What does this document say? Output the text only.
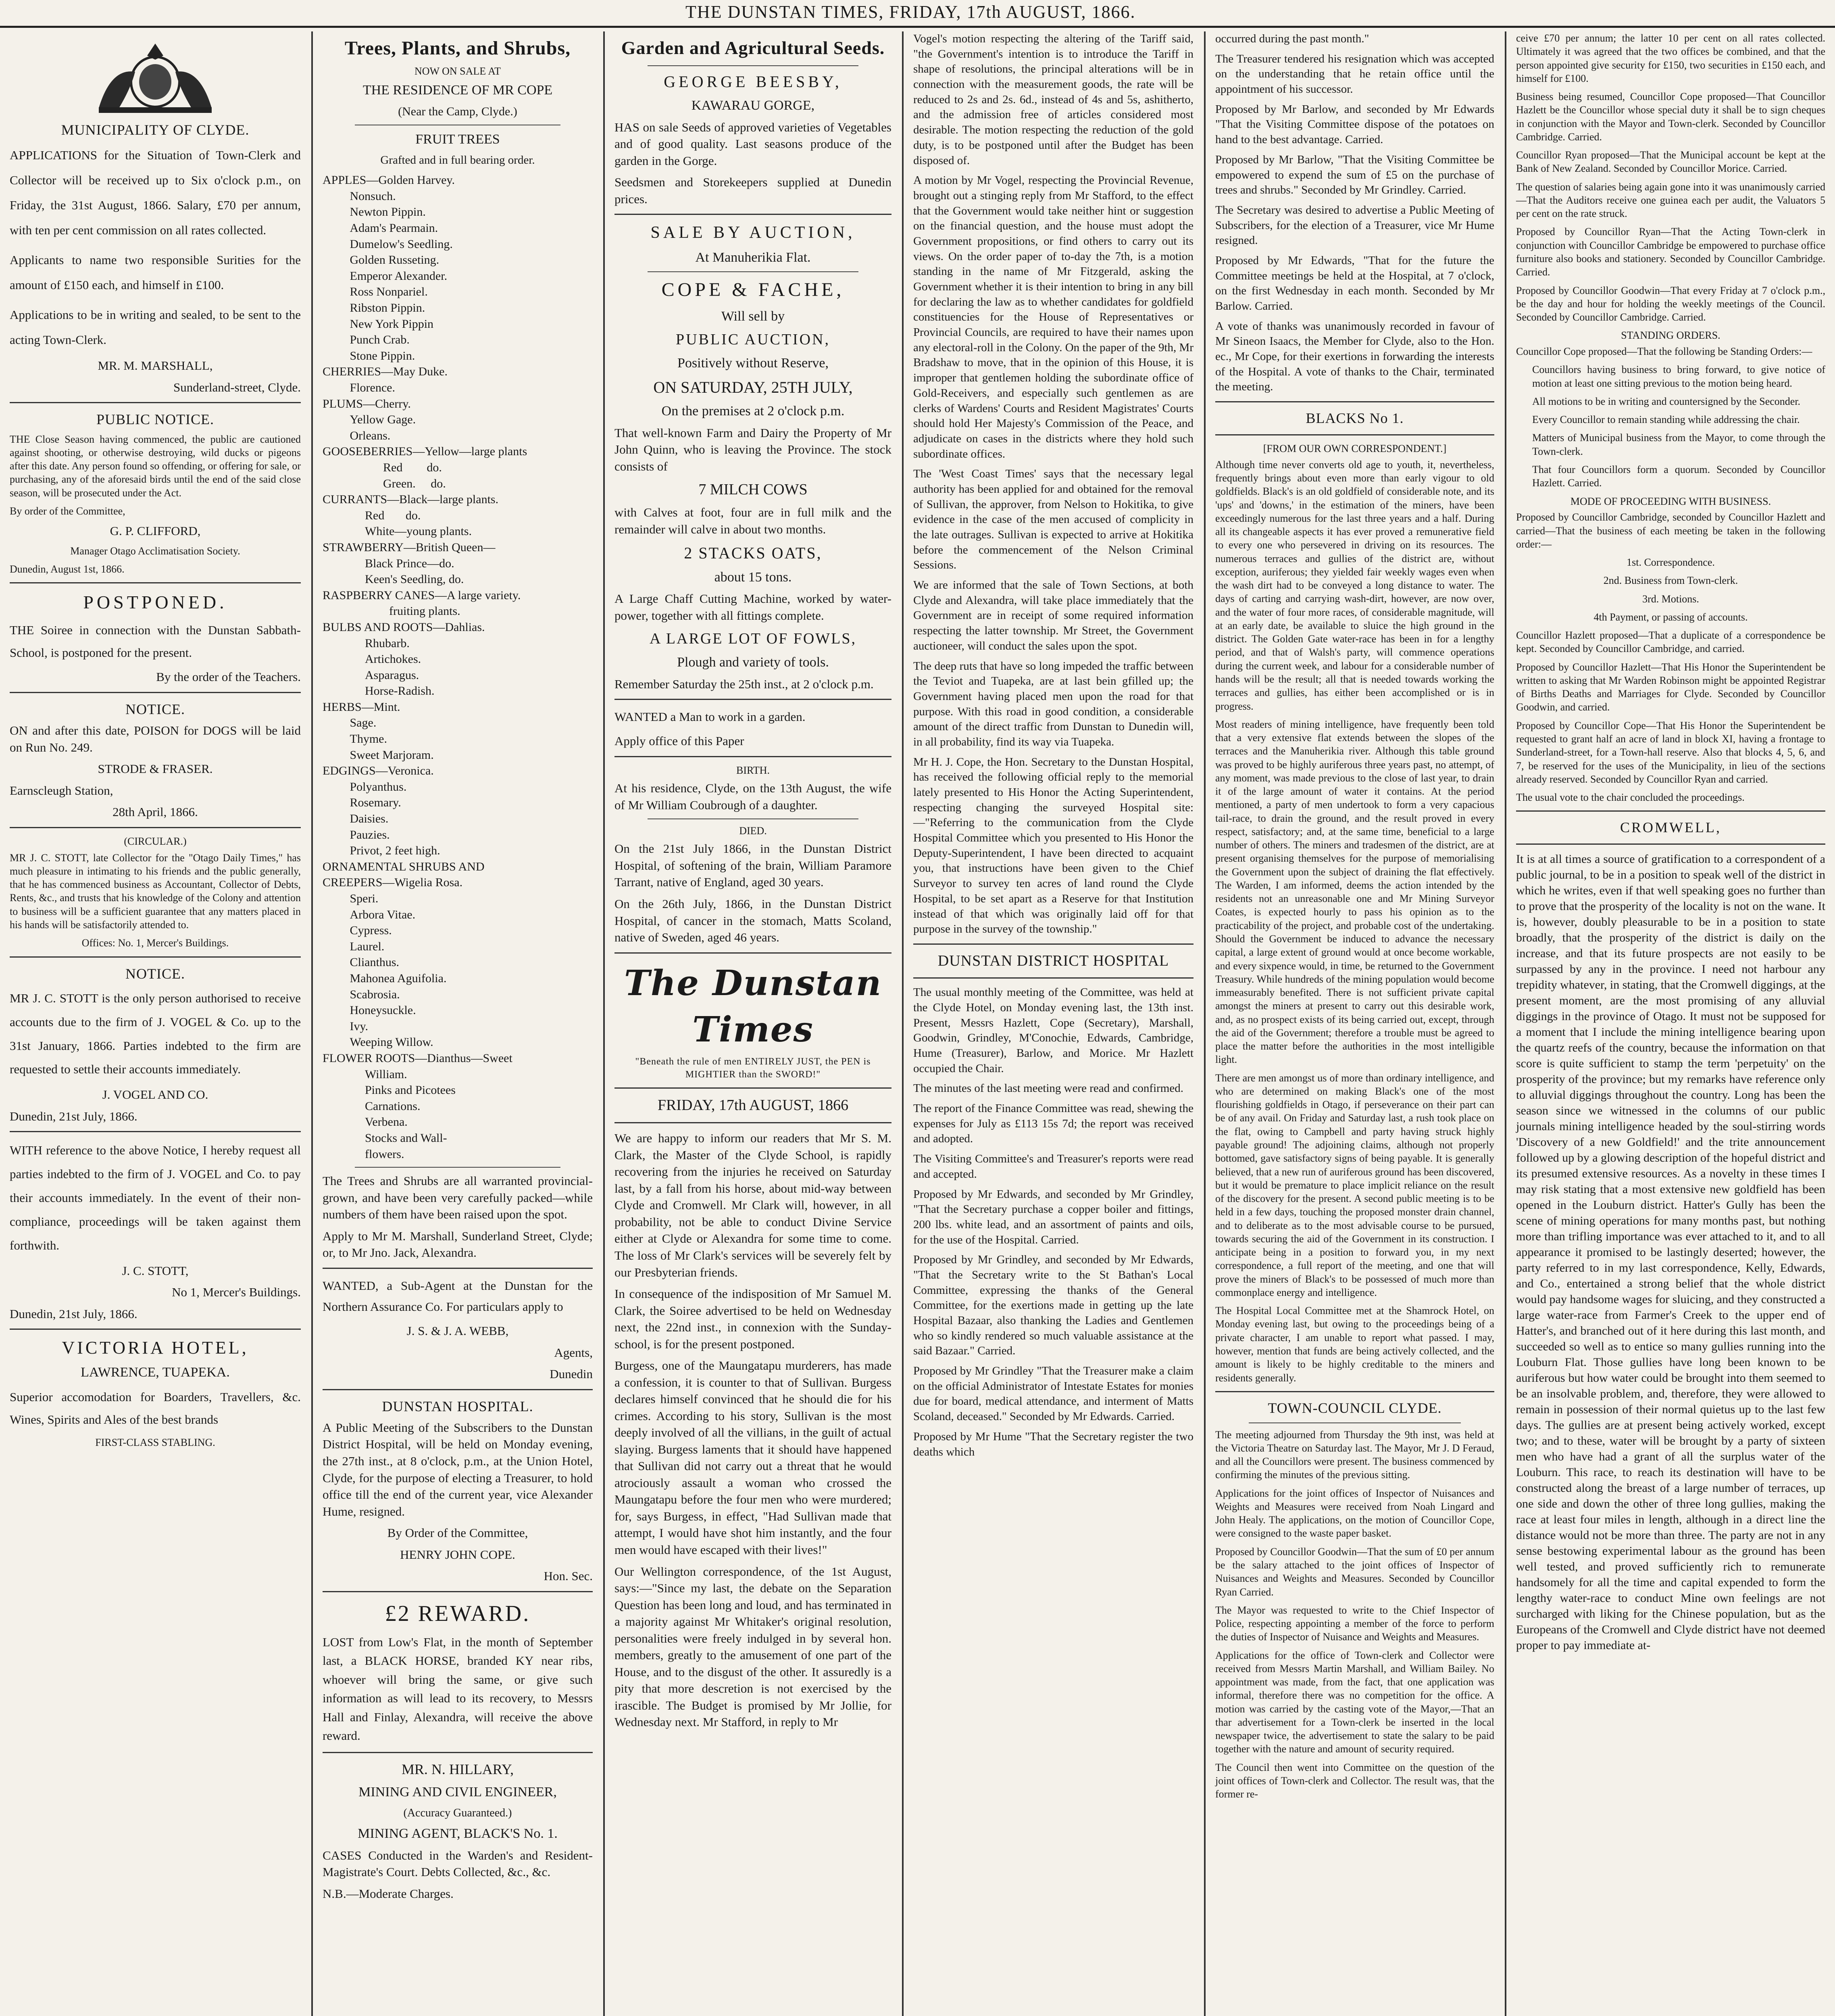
THE DUNSTAN TIMES, FRIDAY, 17th AUGUST, 1866.
MUNICIPALITY OF CLYDE.

APPLICATIONS for the Situation of Town-Clerk and Collector will be received up to Six o'clock p.m., on Friday, the 31st August, 1866. Salary, £70 per annum, with ten per cent commission on all rates collected.

Applicants to name two responsible Surities for the amount of £150 each, and himself in £100.

Applications to be in writing and sealed, to be sent to the acting Town-Clerk.

MR. M. MARSHALL,

Sunderland-street, Clyde.

PUBLIC NOTICE.

THE Close Season having commenced, the public are cautioned against shooting, or otherwise destroying, wild ducks or pigeons after this date. Any person found so offending, or offering for sale, or purchasing, any of the aforesaid birds until the end of the said close season, will be prosecuted under the Act.

By order of the Committee,

G. P. CLIFFORD,

Manager Otago Acclimatisation Society.

Dunedin, August 1st, 1866.

POSTPONED.

THE Soiree in connection with the Dunstan Sabbath-School, is postponed for the present.

By the order of the Teachers.

NOTICE.

ON and after this date, POISON for DOGS will be laid on Run No. 249.

STRODE & FRASER.

Earnscleugh Station,

28th April, 1866.

(CIRCULAR.)

MR J. C. STOTT, late Collector for the "Otago Daily Times," has much pleasure in intimating to his friends and the public generally, that he has commenced business as Accountant, Collector of Debts, Rents, &c., and trusts that his knowledge of the Colony and attention to business will be a sufficient guarantee that any matters placed in his hands will be satisfactorily attended to.

Offices: No. 1, Mercer's Buildings.

NOTICE.

MR J. C. STOTT is the only person authorised to receive accounts due to the firm of J. VOGEL & Co. up to the 31st January, 1866. Parties indebted to the firm are requested to settle their accounts immediately.

J. VOGEL AND CO.

Dunedin, 21st July, 1866.

WITH reference to the above Notice, I hereby request all parties indebted to the firm of J. VOGEL and Co. to pay their accounts immediately. In the event of their non-compliance, proceedings will be taken against them forthwith.

J. C. STOTT,

No 1, Mercer's Buildings.

Dunedin, 21st July, 1866.

VICTORIA HOTEL,
LAWRENCE, TUAPEKA.

Superior accomodation for Boarders, Travellers, &c. Wines, Spirits and Ales of the best brands

FIRST-CLASS STABLING.

Trees, Plants, and Shrubs,
NOW ON SALE AT
THE RESIDENCE OF MR COPE
(Near the Camp, Clyde.)
FRUIT TREES
Grafted and in full bearing order.
APPLES—Golden Harvey.
Nonsuch.
Newton Pippin.
Adam's Pearmain.
Dumelow's Seedling.
Golden Russeting.
Emperor Alexander.
Ross Nonpariel.
Ribston Pippin.
New York Pippin
Punch Crab.
Stone Pippin.
CHERRIES—May Duke.
Florence.
PLUMS—Cherry.
Yellow Gage.
Orleans.
GOOSEBERRIES—Yellow—large plants
Red        do.
Green.     do.
CURRANTS—Black—large plants.
Red       do.
White—young plants.
STRAWBERRY—British Queen—
Black Prince—do.
Keen's Seedling, do.
RASPBERRY CANES—A large variety.
fruiting plants.
BULBS AND ROOTS—Dahlias.
Rhubarb.
Artichokes.
Asparagus.
Horse-Radish.
HERBS—Mint.
Sage.
Thyme.
Sweet Marjoram.
EDGINGS—Veronica.
Polyanthus.
Rosemary.
Daisies.
Pauzies.
Privot, 2 feet high.
ORNAMENTAL SHRUBS AND
CREEPERS—Wigelia Rosa.
Speri.
Arbora Vitae.
Cypress.
Laurel.
Clianthus.
Mahonea Aguifolia.
Scabrosia.
Honeysuckle.
Ivy.
Weeping Willow.
FLOWER ROOTS—Dianthus—Sweet
William.
Pinks and Picotees
Carnations.
Verbena.
Stocks and Wall-
flowers.

The Trees and Shrubs are all warranted provincial-grown, and have been very carefully packed—while numbers of them have been raised upon the spot.

Apply to Mr M. Marshall, Sunderland Street, Clyde; or, to Mr Jno. Jack, Alexandra.

WANTED, a Sub-Agent at the Dunstan for the Northern Assurance Co. For particulars apply to

J. S. & J. A. WEBB,

Agents,

Dunedin

DUNSTAN HOSPITAL.

A Public Meeting of the Subscribers to the Dunstan District Hospital, will be held on Monday evening, the 27th inst., at 8 o'clock, p.m., at the Union Hotel, Clyde, for the purpose of electing a Treasurer, to hold office till the end of the current year, vice Alexander Hume, resigned.

By Order of the Committee,

HENRY JOHN COPE.

Hon. Sec.

£2 REWARD.

LOST from Low's Flat, in the month of September last, a BLACK HORSE, branded KY near ribs, whoever will bring the same, or give such information as will lead to its recovery, to Messrs Hall and Finlay, Alexandra, will receive the above reward.

MR. N. HILLARY,
MINING AND CIVIL ENGINEER,
(Accuracy Guaranteed.)
MINING AGENT, BLACK'S No. 1.

CASES Conducted in the Warden's and Resident-Magistrate's Court. Debts Collected, &c., &c.

N.B.—Moderate Charges.

Garden and Agricultural Seeds.
GEORGE BEESBY,
KAWARAU GORGE,

HAS on sale Seeds of approved varieties of Vegetables and of good quality. Last seasons produce of the garden in the Gorge.

Seedsmen and Storekeepers supplied at Dunedin prices.

SALE BY AUCTION,
At Manuherikia Flat.
COPE & FACHE,
Will sell by
PUBLIC AUCTION,
Positively without Reserve,
ON SATURDAY, 25TH JULY,
On the premises at 2 o'clock p.m.

That well-known Farm and Dairy the Property of Mr John Quinn, who is leaving the Province. The stock consists of

7 MILCH COWS

with Calves at foot, four are in full milk and the remainder will calve in about two months.

2 STACKS OATS,
about 15 tons.

A Large Chaff Cutting Machine, worked by water-power, together with all fittings complete.

A LARGE LOT OF FOWLS,
Plough and variety of tools.

Remember Saturday the 25th inst., at 2 o'clock p.m.

WANTED a Man to work in a garden.

Apply office of this Paper

BIRTH.

At his residence, Clyde, on the 13th August, the wife of Mr William Coubrough of a daughter.

DIED.

On the 21st July 1866, in the Dunstan District Hospital, of softening of the brain, William Paramore Tarrant, native of England, aged 30 years.

On the 26th July, 1866, in the Dunstan District Hospital, of cancer in the stomach, Matts Scoland, native of Sweden, aged 46 years.

The Dunstan Times
"Beneath the rule of men ENTIRELY JUST, the PEN is MIGHTIER than the SWORD!"
FRIDAY, 17th AUGUST, 1866

We are happy to inform our readers that Mr S. M. Clark, the Master of the Clyde School, is rapidly recovering from the injuries he received on Saturday last, by a fall from his horse, about mid-way between Clyde and Cromwell. Mr Clark will, however, in all probability, not be able to conduct Divine Service either at Clyde or Alexandra for some time to come. The loss of Mr Clark's services will be severely felt by our Presbyterian friends.

In consequence of the indisposition of Mr Samuel M. Clark, the Soiree advertised to be held on Wednesday next, the 22nd inst., in connexion with the Sunday-school, is for the present postponed.

Burgess, one of the Maungatapu murderers, has made a confession, it is counter to that of Sullivan. Burgess declares himself convinced that he should die for his crimes. According to his story, Sullivan is the most deeply involved of all the villians, in the guilt of actual slaying. Burgess laments that it should have happened that Sullivan did not carry out a threat that he would atrociously assault a woman who crossed the Maungatapu before the four men who were murdered; for, says Burgess, in effect, "Had Sullivan made that attempt, I would have shot him instantly, and the four men would have escaped with their lives!"

Our Wellington correspondence, of the 1st August, says:—"Since my last, the debate on the Separation Question has been long and loud, and has terminated in a majority against Mr Whitaker's original resolution, personalities were freely indulged in by several hon. members, greatly to the amusement of one part of the House, and to the disgust of the other. It assuredly is a pity that more descretion is not exercised by the irascible. The Budget is promised by Mr Jollie, for Wednesday next. Mr Stafford, in reply to Mr

Vogel's motion respecting the altering of the Tariff said, "the Government's intention is to introduce the Tariff in shape of resolutions, the principal alterations will be in connection with the measurement goods, the rate will be reduced to 2s and 2s. 6d., instead of 4s and 5s, ashitherto, and the admission free of articles considered most desirable. The motion respecting the reduction of the gold duty, is to be postponed until after the Budget has been disposed of.

A motion by Mr Vogel, respecting the Provincial Revenue, brought out a stinging reply from Mr Stafford, to the effect that the Government would take neither hint or suggestion on the financial question, and the house must adopt the Government propositions, or find others to carry out its views. On the order paper of to-day the 7th, is a motion standing in the name of Mr Fitzgerald, asking the Government whether it is their intention to bring in any bill for declaring the law as to whether candidates for goldfield constituencies for the House of Representatives or Provincial Councils, are required to have their names upon any electoral-roll in the Colony. On the paper of the 9th, Mr Bradshaw to move, that in the opinion of this House, it is improper that gentlemen holding the subordinate office of Gold-Receivers, and especially such gentlemen as are clerks of Wardens' Courts and Resident Magistrates' Courts should hold Her Majesty's Commission of the Peace, and adjudicate on cases in the districts where they hold such subordinate offices.

The 'West Coast Times' says that the necessary legal authority has been applied for and obtained for the removal of Sullivan, the approver, from Nelson to Hokitika, to give evidence in the case of the men accused of complicity in the late outrages. Sullivan is expected to arrive at Hokitika before the commencement of the Nelson Criminal Sessions.

We are informed that the sale of Town Sections, at both Clyde and Alexandra, will take place immediately that the Government are in receipt of some required information respecting the latter township. Mr Street, the Government auctioneer, will conduct the sales upon the spot.

The deep ruts that have so long impeded the traffic between the Teviot and Tuapeka, are at last bein gfilled up; the Government having placed men upon the road for that purpose. With this road in good condition, a considerable amount of the direct traffic from Dunstan to Dunedin will, in all probability, find its way via Tuapeka.

Mr H. J. Cope, the Hon. Secretary to the Dunstan Hospital, has received the following official reply to the memorial lately presented to His Honor the Acting Superintendent, respecting changing the surveyed Hospital site:—"Referring to the communication from the Clyde Hospital Committee which you presented to His Honor the Deputy-Superintendent, I have been directed to acquaint you, that instructions have been given to the Chief Surveyor to survey ten acres of land round the Clyde Hospital, to be set apart as a Reserve for that Institution instead of that which was originally laid off for that purpose in the survey of the township."

DUNSTAN DISTRICT HOSPITAL

The usual monthly meeting of the Committee, was held at the Clyde Hotel, on Monday evening last, the 13th inst. Present, Messrs Hazlett, Cope (Secretary), Marshall, Goodwin, Grindley, M'Conochie, Edwards, Cambridge, Hume (Treasurer), Barlow, and Morice. Mr Hazlett occupied the Chair.

The minutes of the last meeting were read and confirmed.

The report of the Finance Committee was read, shewing the expenses for July as £113 15s 7d; the report was received and adopted.

The Visiting Committee's and Treasurer's reports were read and accepted.

Proposed by Mr Edwards, and seconded by Mr Grindley, "That the Secretary purchase a copper boiler and fittings, 200 lbs. white lead, and an assortment of paints and oils, for the use of the Hospital. Carried.

Proposed by Mr Grindley, and seconded by Mr Edwards, "That the Secretary write to the St Bathan's Local Committee, expressing the thanks of the General Committee, for the exertions made in getting up the late Hospital Bazaar, also thanking the Ladies and Gentlemen who so kindly rendered so much valuable assistance at the said Bazaar." Carried.

Proposed by Mr Grindley "That the Treasurer make a claim on the official Administrator of Intestate Estates for monies due for board, medical attendance, and interment of Matts Scoland, deceased." Seconded by Mr Edwards. Carried.

Proposed by Mr Hume "That the Secretary register the two deaths which

occurred during the past month."

The Treasurer tendered his resignation which was accepted on the understanding that he retain office until the appointment of his successor.

Proposed by Mr Barlow, and seconded by Mr Edwards "That the Visiting Committee dispose of the potatoes on hand to the best advantage. Carried.

Proposed by Mr Barlow, "That the Visiting Committee be empowered to expend the sum of £5 on the purchase of trees and shrubs." Seconded by Mr Grindley. Carried.

The Secretary was desired to advertise a Public Meeting of Subscribers, for the election of a Treasurer, vice Mr Hume resigned.

Proposed by Mr Edwards, "That for the future the Committee meetings be held at the Hospital, at 7 o'clock, on the first Wednesday in each month. Seconded by Mr Barlow. Carried.

A vote of thanks was unanimously recorded in favour of Mr Sineon Isaacs, the Member for Clyde, also to the Hon. ec., Mr Cope, for their exertions in forwarding the interests of the Hospital. A vote of thanks to the Chair, terminated the meeting.

BLACKS No 1.
[FROM OUR OWN CORRESPONDENT.]

Although time never converts old age to youth, it, nevertheless, frequently brings about even more than early vigour to old goldfields. Black's is an old goldfield of considerable note, and its 'ups' and 'downs,' in the estimation of the miners, have been exceedingly numerous for the last three years and a half. During all its changeable aspects it has ever proved a remunerative field to every one who persevered in driving on its resources. The numerous terraces and gullies of the district are, without exception, auriferous; they yielded fair weekly wages even when the wash dirt had to be conveyed a long distance to water. The days of carting and carrying wash-dirt, however, are now over, and the water of four more races, of considerable magnitude, will at an early date, be available to sluice the high ground in the district. The Golden Gate water-race has been in for a lengthy period, and that of Walsh's party, will commence operations during the current week, and labour for a considerable number of hands will be the result; all that is needed towards working the terraces and gullies, has either been accomplished or is in progress.

Most readers of mining intelligence, have frequently been told that a very extensive flat extends between the slopes of the terraces and the Manuherikia river. Although this table ground was proved to be highly auriferous three years past, no attempt, of any moment, was made previous to the close of last year, to drain it of the large amount of water it contains. At the period mentioned, a party of men undertook to form a very capacious tail-race, to drain the ground, and the result proved in every respect, satisfactory; and, at the same time, beneficial to a large number of others. The miners and tradesmen of the district, are at present organising themselves for the purpose of memorialising the Government upon the subject of draining the flat effectively. The Warden, I am informed, deems the action intended by the residents not an unreasonable one and Mr Mining Surveyor Coates, is expected hourly to pass his opinion as to the practicability of the project, and probable cost of the undertaking. Should the Government be induced to advance the necessary capital, a large extent of ground would at once become workable, and every sixpence would, in time, be returned to the Government Treasury. While hundreds of the mining population would become immeasurably benefited. There is not sufficient private capital amongst the miners at present to carry out this desirable work, and, as no prospect exists of its being carried out, except, through the aid of the Government; therefore a trouble must be agreed to place the matter before the authorities in the most intelligible light.

There are men amongst us of more than ordinary intelligence, and who are determined on making Black's one of the most flourishing goldfields in Otago, if perseverance on their part can be of any avail. On Friday and Saturday last, a rush took place on the flat, owing to Campbell and party having struck highly payable ground! The adjoining claims, although not properly bottomed, gave satisfactory signs of being payable. It is generally believed, that a new run of auriferous ground has been discovered, but it would be premature to place implicit reliance on the result of the discovery for the present. A second public meeting is to be held in a few days, touching the proposed monster drain channel, and to deliberate as to the most advisable course to be pursued, towards securing the aid of the Government in its construction. I anticipate being in a position to forward you, in my next correspondence, a full report of the meeting, and one that will prove the miners of Black's to be possessed of much more than commonplace energy and intelligence.

The Hospital Local Committee met at the Shamrock Hotel, on Monday evening last, but owing to the proceedings being of a private character, I am unable to report what passed. I may, however, mention that funds are being actively collected, and the amount is likely to be highly creditable to the miners and residents generally.

TOWN-COUNCIL CLYDE.

The meeting adjourned from Thursday the 9th inst, was held at the Victoria Theatre on Saturday last. The Mayor, Mr J. D Feraud, and all the Councillors were present. The business commenced by confirming the minutes of the previous sitting.

Applications for the joint offices of Inspector of Nuisances and Weights and Measures were received from Noah Lingard and John Healy. The applications, on the motion of Councillor Cope, were consigned to the waste paper basket.

Proposed by Councillor Goodwin—That the sum of £0 per annum be the salary attached to the joint offices of Inspector of Nuisances and Weights and Measures. Seconded by Councillor Ryan Carried.

The Mayor was requested to write to the Chief Inspector of Police, respecting appointing a member of the force to perform the duties of Inspector of Nuisance and Weights and Measures.

Applications for the office of Town-clerk and Collector were received from Messrs Martin Marshall, and William Bailey. No appointment was made, from the fact, that one application was informal, therefore there was no competition for the office. A motion was carried by the casting vote of the Mayor,—That an thar advertisement for a Town-clerk be inserted in the local newspaper twice, the advertisement to state the salary to be paid together with the nature and amount of security required.

The Council then went into Committee on the question of the joint offices of Town-clerk and Collector. The result was, that the former re-

ceive £70 per annum; the latter 10 per cent on all rates collected. Ultimately it was agreed that the two offices be combined, and that the person appointed give security for £150, two securities in £150 each, and himself for £100.

Business being resumed, Councillor Cope proposed—That Councillor Hazlett be the Councillor whose special duty it shall be to sign cheques in conjunction with the Mayor and Town-clerk. Seconded by Councillor Cambridge. Carried.

Councillor Ryan proposed—That the Municipal account be kept at the Bank of New Zealand. Seconded by Councillor Morice. Carried.

The question of salaries being again gone into it was unanimously carried—That the Auditors receive one guinea each per audit, the Valuators 5 per cent on the rate struck.

Proposed by Councillor Ryan—That the Acting Town-clerk in conjunction with Councillor Cambridge be empowered to purchase office furniture also books and stationery. Seconded by Councillor Cambridge. Carried.

Proposed by Councillor Goodwin—That every Friday at 7 o'clock p.m., be the day and hour for holding the weekly meetings of the Council. Seconded by Councillor Cambridge. Carried.

STANDING ORDERS.

Councillor Cope proposed—That the following be Standing Orders:—

Councillors having business to bring forward, to give notice of motion at least one sitting previous to the motion being heard.

All motions to be in writing and countersigned by the Seconder.

Every Councillor to remain standing while addressing the chair.

Matters of Municipal business from the Mayor, to come through the Town-clerk.

That four Councillors form a quorum. Seconded by Councillor Hazlett. Carried.

MODE OF PROCEEDING WITH BUSINESS.

Proposed by Councillor Cambridge, seconded by Councillor Hazlett and carried—That the business of each meeting be taken in the following order:—

1st. Correspondence.

2nd. Business from Town-clerk.

3rd. Motions.

4th Payment, or passing of accounts.

Councillor Hazlett proposed—That a duplicate of a correspondence be kept. Seconded by Councillor Cambridge, and carried.

Proposed by Councillor Hazlett—That His Honor the Superintendent be written to asking that Mr Warden Robinson might be appointed Registrar of Births Deaths and Marriages for Clyde. Seconded by Councillor Goodwin, and carried.

Proposed by Councillor Cope—That His Honor the Superintendent be requested to grant half an acre of land in block XI, having a frontage to Sunderland-street, for a Town-hall reserve. Also that blocks 4, 5, 6, and 7, be reserved for the uses of the Municipality, in lieu of the sections already reserved. Seconded by Councillor Ryan and carried.

The usual vote to the chair concluded the proceedings.

CROMWELL,

It is at all times a source of gratification to a correspondent of a public journal, to be in a position to speak well of the district in which he writes, even if that well speaking goes no further than to prove that the prosperity of the locality is not on the wane. It is, however, doubly pleasurable to be in a position to state broadly, that the prosperity of the district is daily on the increase, and that its future prospects are not easily to be surpassed by any in the province. I need not harbour any trepidity whatever, in stating, that the Cromwell diggings, at the present moment, are the most promising of any alluvial diggings in the province of Otago. It must not be supposed for a moment that I include the mining intelligence bearing upon the quartz reefs of the country, because the information on that score is quite sufficient to stamp the term 'perpetuity' on the prosperity of the province; but my remarks have reference only to alluvial diggings throughout the country. Long has been the season since we witnessed in the columns of our public journals mining intelligence headed by the soul-stirring words 'Discovery of a new Goldfield!' and the trite announcement followed up by a glowing description of the hopeful district and its presumed extensive resources. As a novelty in these times I may risk stating that a most extensive new goldfield has been opened in the Louburn district. Hatter's Gully has been the scene of mining operations for many months past, but nothing more than trifling importance was ever attached to it, and to all appearance it promised to be lastingly deserted; however, the party referred to in my last correspondence, Kelly, Edwards, and Co., entertained a strong belief that the whole district would pay handsome wages for sluicing, and they constructed a large water-race from Farmer's Creek to the upper end of Hatter's, and branched out of it here during this last month, and succeeded so well as to entice so many gullies running into the Louburn Flat. Those gullies have long been known to be auriferous but how water could be brought into them seemed to be an insolvable problem, and, therefore, they were allowed to remain in possession of their normal quietus up to the last few days. The gullies are at present being actively worked, except two; and to these, water will be brought by a party of sixteen men who have had a grant of all the surplus water of the Louburn. This race, to reach its destination will have to be constructed along the breast of a large number of terraces, up one side and down the other of three long gullies, making the race at least four miles in length, although in a direct line the distance would not be more than three. The party are not in any sense bestowing experimental labour as the ground has been well tested, and proved sufficiently rich to remunerate handsomely for all the time and capital expended to form the lengthy water-race to conduct Mine own feelings are not surcharged with liking for the Chinese population, but as the Europeans of the Cromwell and Clyde district have not deemed proper to pay immediate at-
